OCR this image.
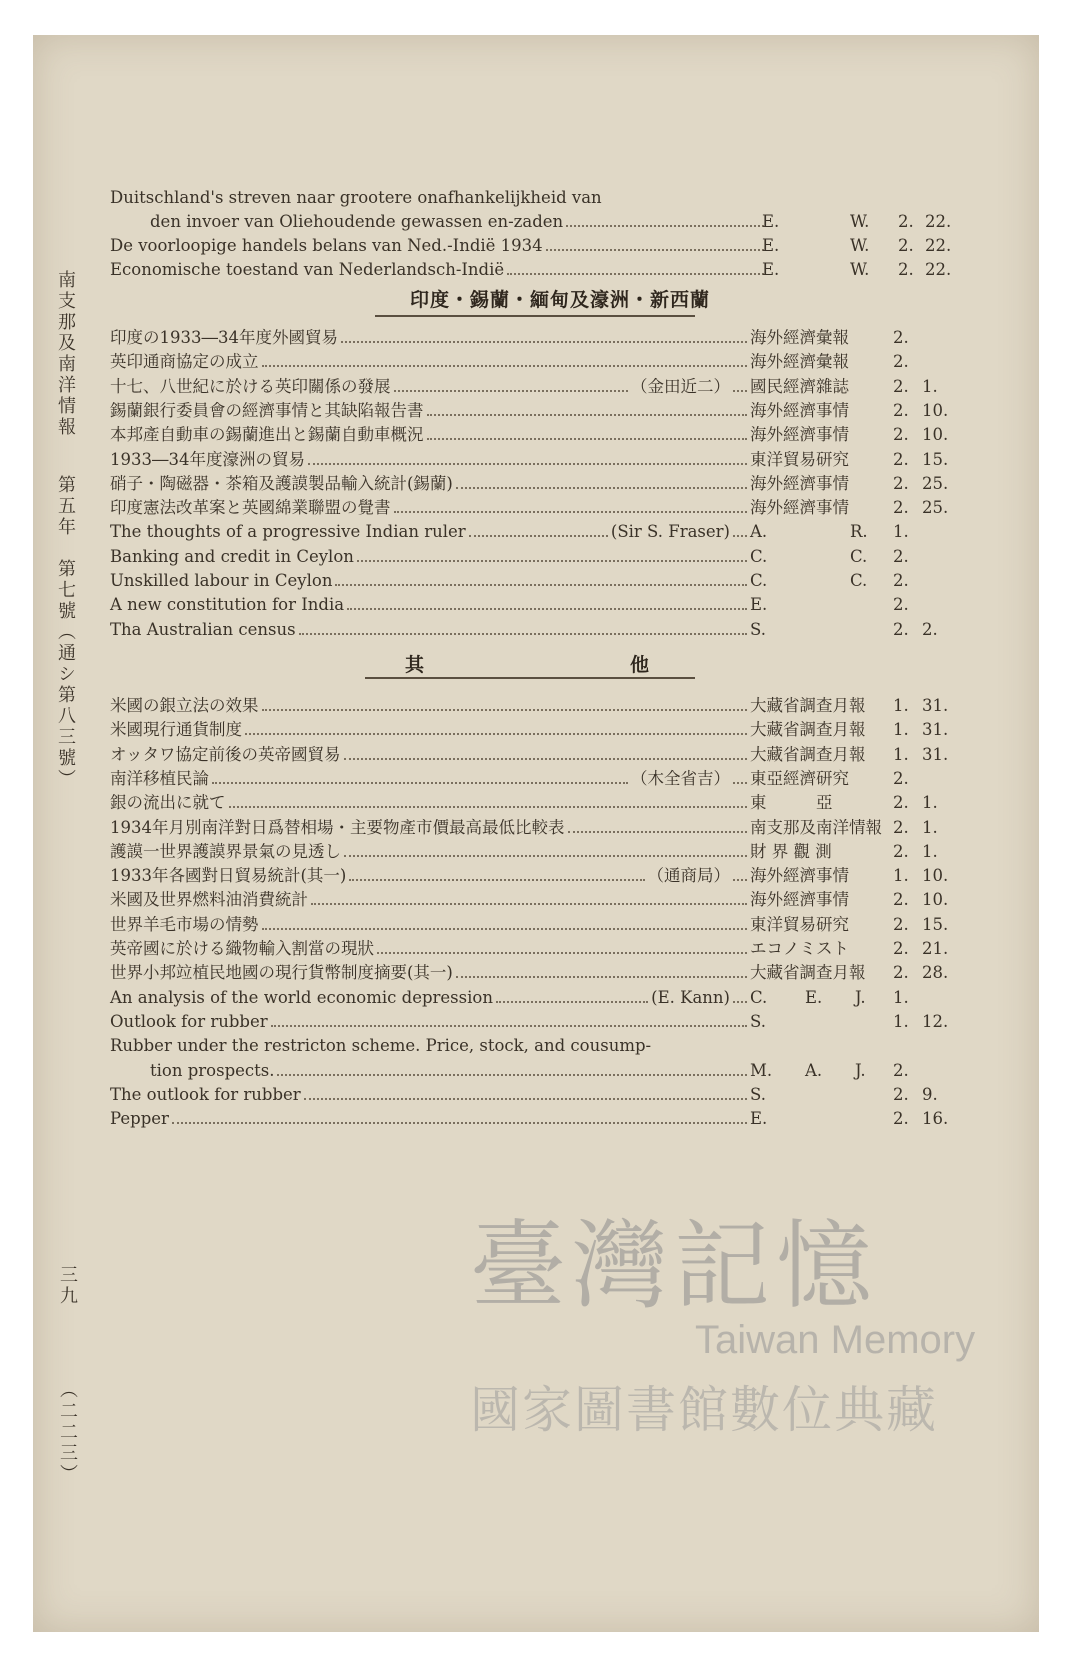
南支那及南洋情報
第五年　第七號（通シ第八三號）
三九
（二二三）
Duitschland's streven naar grootere onafhankelijkheid van
den invoer van Oliehoudende gewassen en-zaden	E.	W. 2. 22.
De voorloopige handels belans van Ned.-Indië 1934	E.	W. 2. 22.
Economische toestand van Nederlandsch-Indië	E.	W. 2. 22.
印度・錫蘭・緬甸及濠洲・新西蘭
印度の1933―34年度外國貿易	海外經濟彙報	2.
英印通商協定の成立	海外經濟彙報	2.
十七、八世紀に於ける英印關係の發展	（金田近二） 國民經濟雜誌	2. 1.
錫蘭銀行委員會の經濟事情と其缺陷報告書	海外經濟事情	2. 10.
本邦產自動車の錫蘭進出と錫蘭自動車概況	海外經濟事情	2. 10.
1933―34年度濠洲の貿易	東洋貿易研究	2. 15.
硝子・陶磁器・茶箱及護謨製品輸入統計(錫蘭)	海外經濟事情	2. 25.
印度憲法改革案と英國綿業聯盟の覺書	海外經濟事情	2. 25.
The thoughts of a progressive Indian ruler	(Sir S. Fraser) A.	R. 1.
Banking and credit in Ceylon	C.	C. 2.
Unskilled labour in Ceylon	C.	C. 2.
A new constitution for India	E.	2.
Tha Australian census	S.	2. 2.
其	他
米國の銀立法の效果	大藏省調查月報 1. 31.
米國現行通貨制度	大藏省調查月報 1. 31.
オッタワ協定前後の英帝國貿易	大藏省調查月報 1. 31.
南洋移植民論	（木全省吉） 東亞經濟研究	2.
銀の流出に就て	東　　　亞	2. 1.
1934年月別南洋對日爲替相場・主要物產市價最高最低比較表	南支那及南洋情報 2. 1.
護謨一世界護謨界景氣の見透し	財 界 觀 測	2. 1.
1933年各國對日貿易統計(其一)	（通商局） 海外經濟事情	1. 10.
米國及世界燃料油消費統計	海外經濟事情	2. 10.
世界羊毛市場の情勢	東洋貿易研究	2. 15.
英帝國に於ける織物輸入割當の現狀	エコノミスト	2. 21.
世界小邦竝植民地國の現行貨幣制度摘要(其一)	大藏省調查月報 2. 28.
An analysis of the world economic depression	(E. Kann) C. E. J. 1.
Outlook for rubber	S.	1. 12.
Rubber under the restricton scheme. Price, stock, and cousump-
tion prospects.	M. A. J. 2.
The outlook for rubber	S.	2. 9.
Pepper	E.	2. 16.
臺灣記憶
Taiwan Memory
國家圖書館數位典藏
